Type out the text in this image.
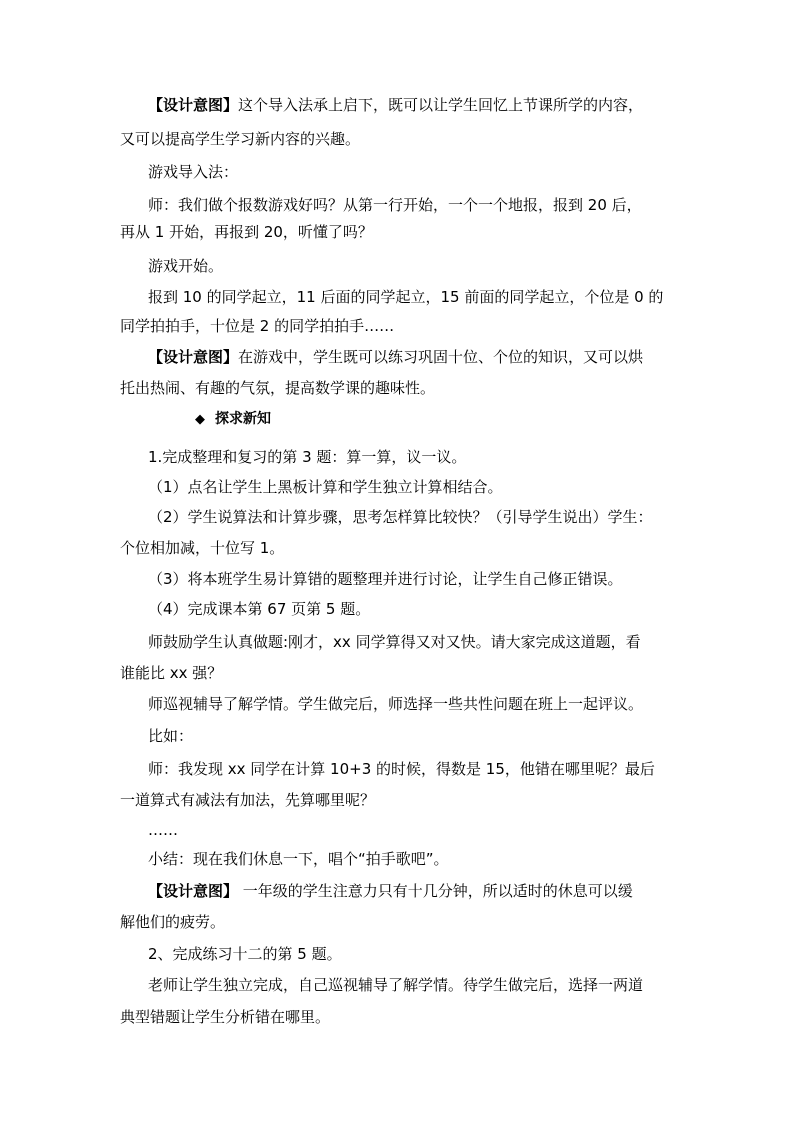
【设计意图】这个导入法承上启下，既可以让学生回忆上节课所学的内容，
又可以提高学生学习新内容的兴趣。
游戏导入法：
师：我们做个报数游戏好吗？从第一行开始，一个一个地报，报到 20 后，
再从 1 开始，再报到 20，听懂了吗？
游戏开始。
报到 10 的同学起立，11 后面的同学起立，15 前面的同学起立，个位是 0 的
同学拍拍手，十位是 2 的同学拍拍手……
【设计意图】在游戏中，学生既可以练习巩固十位、个位的知识，又可以烘
托出热闹、有趣的气氛，提高数学课的趣味性。
◆ 探求新知
1.完成整理和复习的第 3 题：算一算，议一议。
（1）点名让学生上黑板计算和学生独立计算相结合。
（2）学生说算法和计算步骤，思考怎样算比较快？（引导学生说出）学生：
个位相加减，十位写 1。
（3）将本班学生易计算错的题整理并进行讨论，让学生自己修正错误。
（4）完成课本第 67 页第 5 题。
师鼓励学生认真做题:刚才，xx 同学算得又对又快。请大家完成这道题，看
谁能比 xx 强？
师巡视辅导了解学情。学生做完后，师选择一些共性问题在班上一起评议。
比如：
师：我发现 xx 同学在计算 10+3 的时候，得数是 15，他错在哪里呢？最后
一道算式有减法有加法，先算哪里呢？
……
小结：现在我们休息一下，唱个“拍手歌吧”。
【设计意图】 一年级的学生注意力只有十几分钟，所以适时的休息可以缓
解他们的疲劳。
2、完成练习十二的第 5 题。
老师让学生独立完成，自己巡视辅导了解学情。待学生做完后，选择一两道
典型错题让学生分析错在哪里。
